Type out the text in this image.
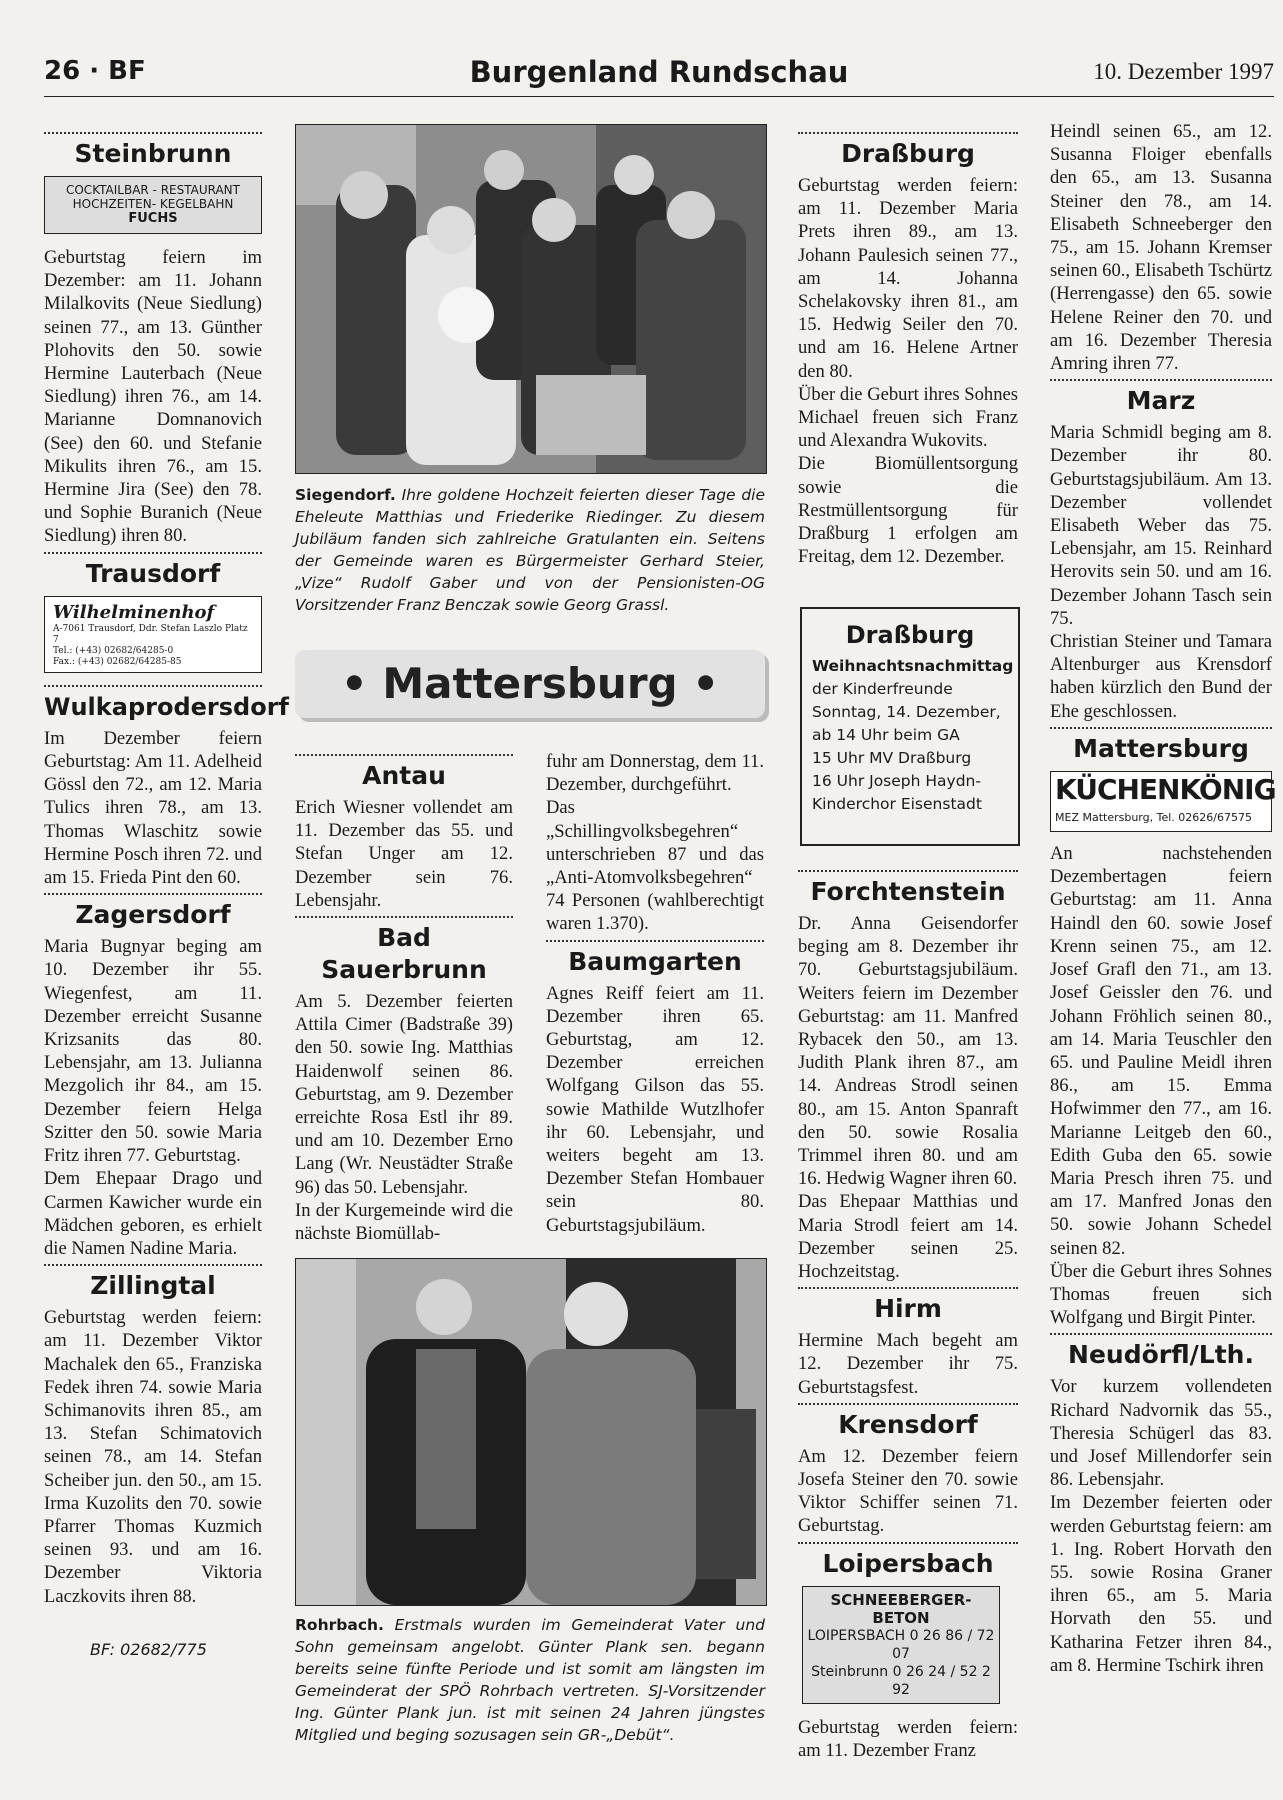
26 · BF	Burgenland Rundschau	10. Dezember 1997
Steinbrunn
COCKTAILBAR - RESTAURANT
HOCHZEITEN- KEGELBAHN
FUCHS

Geburtstag feiern im Dezember: am 11. Johann Milalkovits (Neue Siedlung) seinen 77., am 13. Günther Plohovits den 50. sowie Hermine Lauterbach (Neue Siedlung) ihren 76., am 14. Marianne Domnanovich (See) den 60. und Stefanie Mikulits ihren 76., am 15. Hermine Jira (See) den 78. und Sophie Buranich (Neue Siedlung) ihren 80.

Trausdorf
Wilhelminenhof
A-7061 Trausdorf, Ddr. Stefan Laszlo Platz 7
Tel.: (+43) 02682/64285-0
Fax.: (+43) 02682/64285-85
Wulkaprodersdorf

Im Dezember feiern Geburtstag: Am 11. Adelheid Gössl den 72., am 12. Maria Tulics ihren 78., am 13. Thomas Wlaschitz sowie Hermine Posch ihren 72. und am 15. Frieda Pint den 60.

Zagersdorf

Maria Bugnyar beging am 10. Dezember ihr 55. Wiegenfest, am 11. Dezember erreicht Susanne Krizsanits das 80. Lebensjahr, am 13. Julianna Mezgolich ihr 84., am 15. Dezember feiern Helga Szitter den 50. sowie Maria Fritz ihren 77. Geburtstag.

Dem Ehepaar Drago und Carmen Kawicher wurde ein Mädchen geboren, es erhielt die Namen Nadine Maria.

Zillingtal

Geburtstag werden feiern: am 11. Dezember Viktor Machalek den 65., Franziska Fedek ihren 74. sowie Maria Schimanovits ihren 85., am 13. Stefan Schimatovich seinen 78., am 14. Stefan Scheiber jun. den 50., am 15. Irma Kuzolits den 70. sowie Pfarrer Thomas Kuzmich seinen 93. und am 16. Dezember Viktoria Laczkovits ihren 88.

BF: 02682/775
Siegendorf. Ihre goldene Hochzeit feierten dieser Tage die Eheleute Matthias und Friederike Riedinger. Zu diesem Jubiläum fanden sich zahlreiche Gratulanten ein. Seitens der Gemeinde waren es Bürgermeister Gerhard Steier, „Vize“ Rudolf Gaber und von der Pensionisten-OG Vorsitzender Franz Benczak sowie Georg Grassl.
• Mattersburg •
Antau

Erich Wiesner vollendet am 11. Dezember das 55. und Stefan Unger am 12. Dezember sein 76. Lebensjahr.

Bad Sauerbrunn

Am 5. Dezember feierten Attila Cimer (Badstraße 39) den 50. sowie Ing. Matthias Haidenwolf seinen 86. Geburtstag, am 9. Dezember erreichte Rosa Estl ihr 89. und am 10. Dezember Erno Lang (Wr. Neustädter Straße 96) das 50. Lebensjahr.

In der Kurgemeinde wird die nächste Biomüllab-

fuhr am Donnerstag, dem 11. Dezember, durchgeführt.

Das „Schillingvolksbegehren“ unterschrieben 87 und das „Anti-Atomvolksbegehren“ 74 Personen (wahlberechtigt waren 1.370).

Baumgarten

Agnes Reiff feiert am 11. Dezember ihren 65. Geburtstag, am 12. Dezember erreichen Wolfgang Gilson das 55. sowie Mathilde Wutzlhofer ihr 60. Lebensjahr, und weiters begeht am 13. Dezember Stefan Hombauer sein 80. Geburtstagsjubiläum.

Rohrbach. Erstmals wurden im Gemeinderat Vater und Sohn gemeinsam angelobt. Günter Plank sen. begann bereits seine fünfte Periode und ist somit am längsten im Gemeinderat der SPÖ Rohrbach vertreten. SJ-Vorsitzender Ing. Günter Plank jun. ist mit seinen 24 Jahren jüngstes Mitglied und beging sozusagen sein GR-„Debüt“.
Draßburg

Geburtstag werden feiern: am 11. Dezember Maria Prets ihren 89., am 13. Johann Paulesich seinen 77., am 14. Johanna Schelakovsky ihren 81., am 15. Hedwig Seiler den 70. und am 16. Helene Artner den 80.

Über die Geburt ihres Sohnes Michael freuen sich Franz und Alexandra Wukovits.

Die Biomüllentsorgung sowie die Restmüllentsorgung für Draßburg 1 erfolgen am Freitag, dem 12. Dezember.

Draßburg
Weihnachtsnachmittag
der Kinderfreunde
Sonntag, 14. Dezember,
ab 14 Uhr beim GA
15 Uhr MV Draßburg
16 Uhr Joseph Haydn-
Kinderchor Eisenstadt
Forchtenstein

Dr. Anna Geisendorfer beging am 8. Dezember ihr 70. Geburtstagsjubiläum. Weiters feiern im Dezember Geburtstag: am 11. Manfred Rybacek den 50., am 13. Judith Plank ihren 87., am 14. Andreas Strodl seinen 80., am 15. Anton Spanraft den 50. sowie Rosalia Trimmel ihren 80. und am 16. Hedwig Wagner ihren 60.

Das Ehepaar Matthias und Maria Strodl feiert am 14. Dezember seinen 25. Hochzeitstag.

Hirm

Hermine Mach begeht am 12. Dezember ihr 75. Geburtstagsfest.

Krensdorf

Am 12. Dezember feiern Josefa Steiner den 70. sowie Viktor Schiffer seinen 71. Geburtstag.

Loipersbach
SCHNEEBERGER-BETON
LOIPERSBACH 0 26 86 / 72 07
Steinbrunn 0 26 24 / 52 2 92

Geburtstag werden feiern: am 11. Dezember Franz

Heindl seinen 65., am 12. Susanna Floiger ebenfalls den 65., am 13. Susanna Steiner den 78., am 14. Elisabeth Schneeberger den 75., am 15. Johann Kremser seinen 60., Elisabeth Tschürtz (Herrengasse) den 65. sowie Helene Reiner den 70. und am 16. Dezember Theresia Amring ihren 77.

Marz

Maria Schmidl beging am 8. Dezember ihr 80. Geburtstagsjubiläum. Am 13. Dezember vollendet Elisabeth Weber das 75. Lebensjahr, am 15. Reinhard Herovits sein 50. und am 16. Dezember Johann Tasch sein 75.

Christian Steiner und Tamara Altenburger aus Krensdorf haben kürzlich den Bund der Ehe geschlossen.

Mattersburg
KÜCHENKÖNIG
MEZ Mattersburg, Tel. 02626/67575

An nachstehenden Dezembertagen feiern Geburtstag: am 11. Anna Haindl den 60. sowie Josef Krenn seinen 75., am 12. Josef Grafl den 71., am 13. Josef Geissler den 76. und Johann Fröhlich seinen 80., am 14. Maria Teuschler den 65. und Pauline Meidl ihren 86., am 15. Emma Hofwimmer den 77., am 16. Marianne Leitgeb den 60., Edith Guba den 65. sowie Maria Presch ihren 75. und am 17. Manfred Jonas den 50. sowie Johann Schedel seinen 82.

Über die Geburt ihres Sohnes Thomas freuen sich Wolfgang und Birgit Pinter.

Neudörfl/Lth.

Vor kurzem vollendeten Richard Nadvornik das 55., Theresia Schügerl das 83. und Josef Millendorfer sein 86. Lebensjahr.

Im Dezember feierten oder werden Geburtstag feiern: am 1. Ing. Robert Horvath den 55. sowie Rosina Graner ihren 65., am 5. Maria Horvath den 55. und Katharina Fetzer ihren 84., am 8. Hermine Tschirk ihren
